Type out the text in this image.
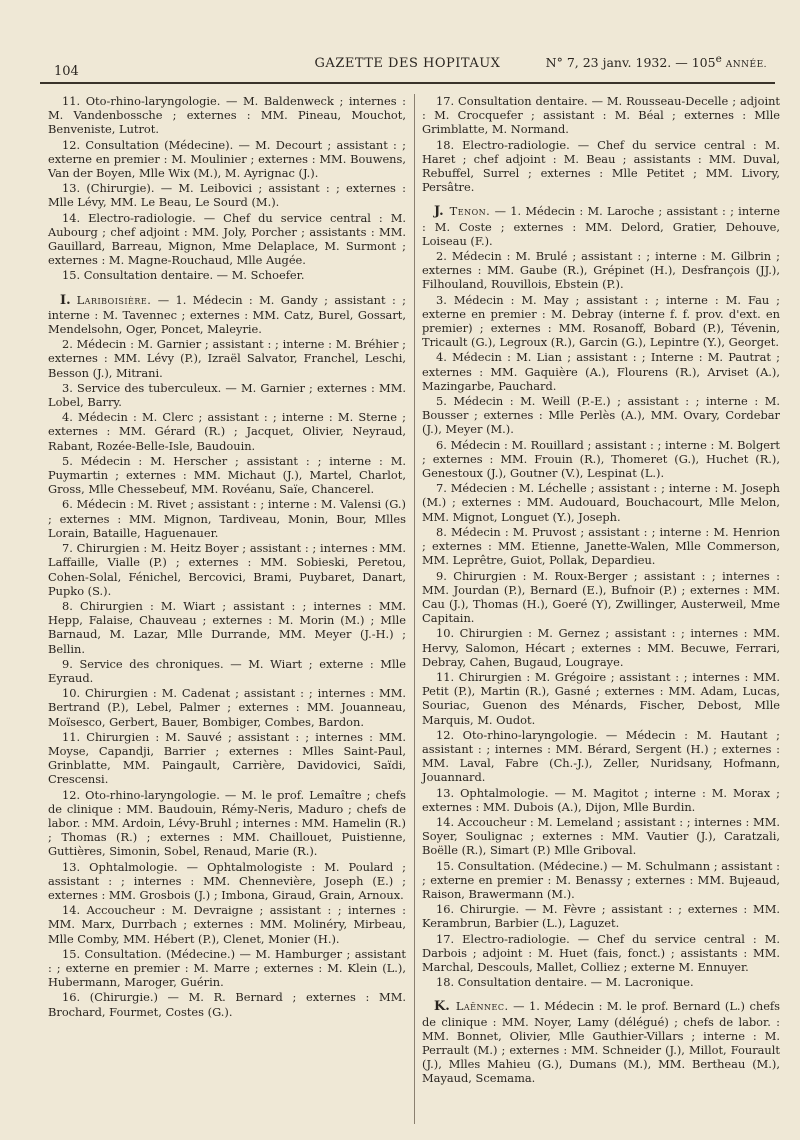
104
GAZETTE DES HOPITAUX	N° 7, 23 janv. 1932. — 105e ANNÉE.

11. Oto-rhino-laryngologie. — M. Baldenweck ; internes : M. Vandenbossche ; externes : MM. Pineau, Mouchot, Benveniste, Lutrot.

12. Consultation (Médecine). — M. Decourt ; assistant : ; externe en premier : M. Moulinier ; externes : MM. Bouwens, Van der Boyen, Mlle Wix (M.), M. Ayrignac (J.).

13. (Chirurgie). — M. Leibovici ; assistant : ; externes : Mlle Lévy, MM. Le Beau, Le Sourd (M.).

14. Electro-radiologie. — Chef du service central : M. Aubourg ; chef adjoint : MM. Joly, Porcher ; assistants : MM. Gauillard, Barreau, Mignon, Mme Delaplace, M. Surmont ; externes : M. Magne-Rouchaud, Mlle Augée.

15. Consultation dentaire. — M. Schoefer.

I. Lariboisière. — 1. Médecin : M. Gandy ; assistant : ; interne : M. Tavennec ; externes : MM. Catz, Burel, Gossart, Mendelsohn, Oger, Poncet, Maleyrie.

2. Médecin : M. Garnier ; assistant : ; interne : M. Bréhier ; externes : MM. Lévy (P.), Izraël Salvator, Franchel, Leschi, Besson (J.), Mitrani.

3. Service des tuberculeux. — M. Garnier ; externes : MM. Lobel, Barry.

4. Médecin : M. Clerc ; assistant : ; interne : M. Sterne ; externes : MM. Gérard (R.) ; Jacquet, Olivier, Neyraud, Rabant, Rozée-Belle-Isle, Baudouin.

5. Médecin : M. Herscher ; assistant : ; interne : M. Puymartin ; externes : MM. Michaut (J.), Martel, Charlot, Gross, Mlle Chessebeuf, MM. Rovéanu, Saïe, Chancerel.

6. Médecin : M. Rivet ; assistant : ; interne : M. Valensi (G.) ; externes : MM. Mignon, Tardiveau, Monin, Bour, Mlles Lorain, Bataille, Haguenauer.

7. Chirurgien : M. Heitz Boyer ; assistant : ; internes : MM. Laffaille, Vialle (P.) ; externes : MM. Sobieski, Peretou, Cohen-Solal, Fénichel, Bercovici, Brami, Puybaret, Danart, Pupko (S.).

8. Chirurgien : M. Wiart ; assistant : ; internes : MM. Hepp, Falaise, Chauveau ; externes : M. Morin (M.) ; Mlle Barnaud, M. Lazar, Mlle Durrande, MM. Meyer (J.-H.) ; Bellin.

9. Service des chroniques. — M. Wiart ; externe : Mlle Eyraud.

10. Chirurgien : M. Cadenat ; assistant : ; internes : MM. Bertrand (P.), Lebel, Palmer ; externes : MM. Jouanneau, Moïsesco, Gerbert, Bauer, Bombiger, Combes, Bardon.

11. Chirurgien : M. Sauvé ; assistant : ; internes : MM. Moyse, Capandji, Barrier ; externes : Mlles Saint-Paul, Grinblatte, MM. Paingault, Carrière, Davidovici, Saïdi, Crescensi.

12. Oto-rhino-laryngologie. — M. le prof. Lemaître ; chefs de clinique : MM. Baudouin, Rémy-Neris, Maduro ; chefs de labor. : MM. Ardoin, Lévy-Bruhl ; internes : MM. Hamelin (R.) ; Thomas (R.) ; externes : MM. Chaillouet, Puistienne, Guttières, Simonin, Sobel, Renaud, Marie (R.).

13. Ophtalmologie. — Ophtalmologiste : M. Poulard ; assistant : ; internes : MM. Chennevière, Joseph (E.) ; externes : MM. Grosbois (J.) ; Imbona, Giraud, Grain, Arnoux.

14. Accoucheur : M. Devraigne ; assistant : ; internes : MM. Marx, Durrbach ; externes : MM. Molinéry, Mirbeau, Mlle Comby, MM. Hébert (P.), Clenet, Monier (H.).

15. Consultation. (Médecine.) — M. Hamburger ; assistant : ; externe en premier : M. Marre ; externes : M. Klein (L.), Hubermann, Maroger, Guérin.

16. (Chirurgie.) — M. R. Bernard ; externes : MM. Brochard, Fourmet, Costes (G.).

17. Consultation dentaire. — M. Rousseau-Decelle ; adjoint : M. Crocquefer ; assistant : M. Béal ; externes : Mlle Grimblatte, M. Normand.

18. Electro-radiologie. — Chef du service central : M. Haret ; chef adjoint : M. Beau ; assistants : MM. Duval, Rebuffel, Surrel ; externes : Mlle Petitet ; MM. Livory, Persâtre.

J. Tenon. — 1. Médecin : M. Laroche ; assistant : ; interne : M. Coste ; externes : MM. Delord, Gratier, Dehouve, Loiseau (F.).

2. Médecin : M. Brulé ; assistant : ; interne : M. Gilbrin ; externes : MM. Gaube (R.), Grépinet (H.), Desfrançois (JJ.), Filhouland, Rouvillois, Ebstein (P.).

3. Médecin : M. May ; assistant : ; interne : M. Fau ; externe en premier : M. Debray (interne f. f. prov. d'ext. en premier) ; externes : MM. Rosanoff, Bobard (P.), Tévenin, Tricault (G.), Legroux (R.), Garcin (G.), Lepintre (Y.), Georget.

4. Médecin : M. Lian ; assistant : ; Interne : M. Pautrat ; externes : MM. Gaquière (A.), Flourens (R.), Arviset (A.), Mazingarbe, Pauchard.

5. Médecin : M. Weill (P.-E.) ; assistant : ; interne : M. Bousser ; externes : Mlle Perlès (A.), MM. Ovary, Cordebar (J.), Meyer (M.).

6. Médecin : M. Rouillard ; assistant : ; interne : M. Bolgert ; externes : MM. Frouin (R.), Thomeret (G.), Huchet (R.), Genestoux (J.), Goutner (V.), Lespinat (L.).

7. Médecien : M. Léchelle ; assistant : ; interne : M. Joseph (M.) ; externes : MM. Audouard, Bouchacourt, Mlle Melon, MM. Mignot, Longuet (Y.), Joseph.

8. Médecin : M. Pruvost ; assistant : ; interne : M. Henrion ; externes : MM. Etienne, Janette-Walen, Mlle Commerson, MM. Leprêtre, Guiot, Pollak, Depardieu.

9. Chirurgien : M. Roux-Berger ; assistant : ; internes : MM. Jourdan (P.), Bernard (E.), Bufnoir (P.) ; externes : MM. Cau (J.), Thomas (H.), Goeré (Y), Zwillinger, Austerweil, Mme Capitain.

10. Chirurgien : M. Gernez ; assistant : ; internes : MM. Hervy, Salomon, Hécart ; externes : MM. Becuwe, Ferrari, Debray, Cahen, Bugaud, Lougraye.

11. Chirurgien : M. Grégoire ; assistant : ; internes : MM. Petit (P.), Martin (R.), Gasné ; externes : MM. Adam, Lucas, Souriac, Guenon des Ménards, Fischer, Debost, Mlle Marquis, M. Oudot.

12. Oto-rhino-laryngologie. — Médecin : M. Hautant ; assistant : ; internes : MM. Bérard, Sergent (H.) ; externes : MM. Laval, Fabre (Ch.-J.), Zeller, Nuridsany, Hofmann, Jouannard.

13. Ophtalmologie. — M. Magitot ; interne : M. Morax ; externes : MM. Dubois (A.), Dijon, Mlle Burdin.

14. Accoucheur : M. Lemeland ; assistant : ; internes : MM. Soyer, Soulignac ; externes : MM. Vautier (J.), Caratzali, Boëlle (R.), Simart (P.) Mlle Griboval.

15. Consultation. (Médecine.) — M. Schulmann ; assistant : ; externe en premier : M. Benassy ; externes : MM. Bujeaud, Raison, Brawermann (M.).

16. Chirurgie. — M. Fèvre ; assistant : ; externes : MM. Kerambrun, Barbier (L.), Laguzet.

17. Electro-radiologie. — Chef du service central : M. Darbois ; adjoint : M. Huet (fais, fonct.) ; assistants : MM. Marchal, Descouls, Mallet, Colliez ; externe M. Ennuyer.

18. Consultation dentaire. — M. Lacronique.

K. Laënnec. — 1. Médecin : M. le prof. Bernard (L.) chefs de clinique : MM. Noyer, Lamy (délégué) ; chefs de labor. : MM. Bonnet, Olivier, Mlle Gauthier-Villars ; interne : M. Perrault (M.) ; externes : MM. Schneider (J.), Millot, Fourault (J.), Mlles Mahieu (G.), Dumans (M.), MM. Bertheau (M.), Mayaud, Scemama.
